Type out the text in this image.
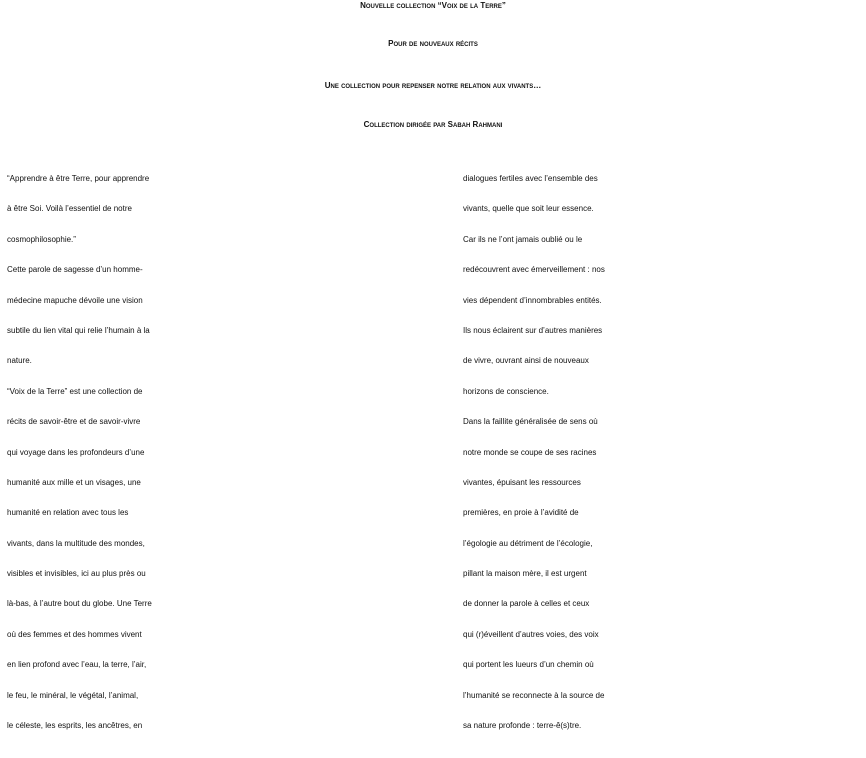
Nouvelle collection “Voix de la Terre”
Pour de nouveaux récits
Une collection pour repenser notre relation aux vivants…
Collection dirigée par Sabah Rahmani
“Apprendre à être Terre, pour apprendre
à être Soi. Voilà l’essentiel de notre
cosmophilosophie.”
Cette parole de sagesse d’un homme-
médecine mapuche dévoile une vision
subtile du lien vital qui relie l’humain à la
nature.
“Voix de la Terre” est une collection de
récits de savoir-être et de savoir-vivre
qui voyage dans les profondeurs d’une
humanité aux mille et un visages, une
humanité en relation avec tous les
vivants, dans la multitude des mondes,
visibles et invisibles, ici au plus près ou
là-bas, à l’autre bout du globe. Une Terre
où des femmes et des hommes vivent
en lien profond avec l’eau, la terre, l’air,
le feu, le minéral, le végétal, l’animal,
le céleste, les esprits, les ancêtres, en
dialogues fertiles avec l’ensemble des
vivants, quelle que soit leur essence.
Car ils ne l’ont jamais oublié ou le
redécouvrent avec émerveillement : nos
vies dépendent d’innombrables entités.
Ils nous éclairent sur d’autres manières
de vivre, ouvrant ainsi de nouveaux
horizons de conscience.
Dans la faillite généralisée de sens où
notre monde se coupe de ses racines
vivantes, épuisant les ressources
premières, en proie à l’avidité de
l’égologie au détriment de l’écologie,
pillant la maison mère, il est urgent
de donner la parole à celles et ceux
qui (r)éveillent d’autres voies, des voix
qui portent les lueurs d’un chemin où
l’humanité se reconnecte à la source de
sa nature profonde : terre-ê(s)tre.
